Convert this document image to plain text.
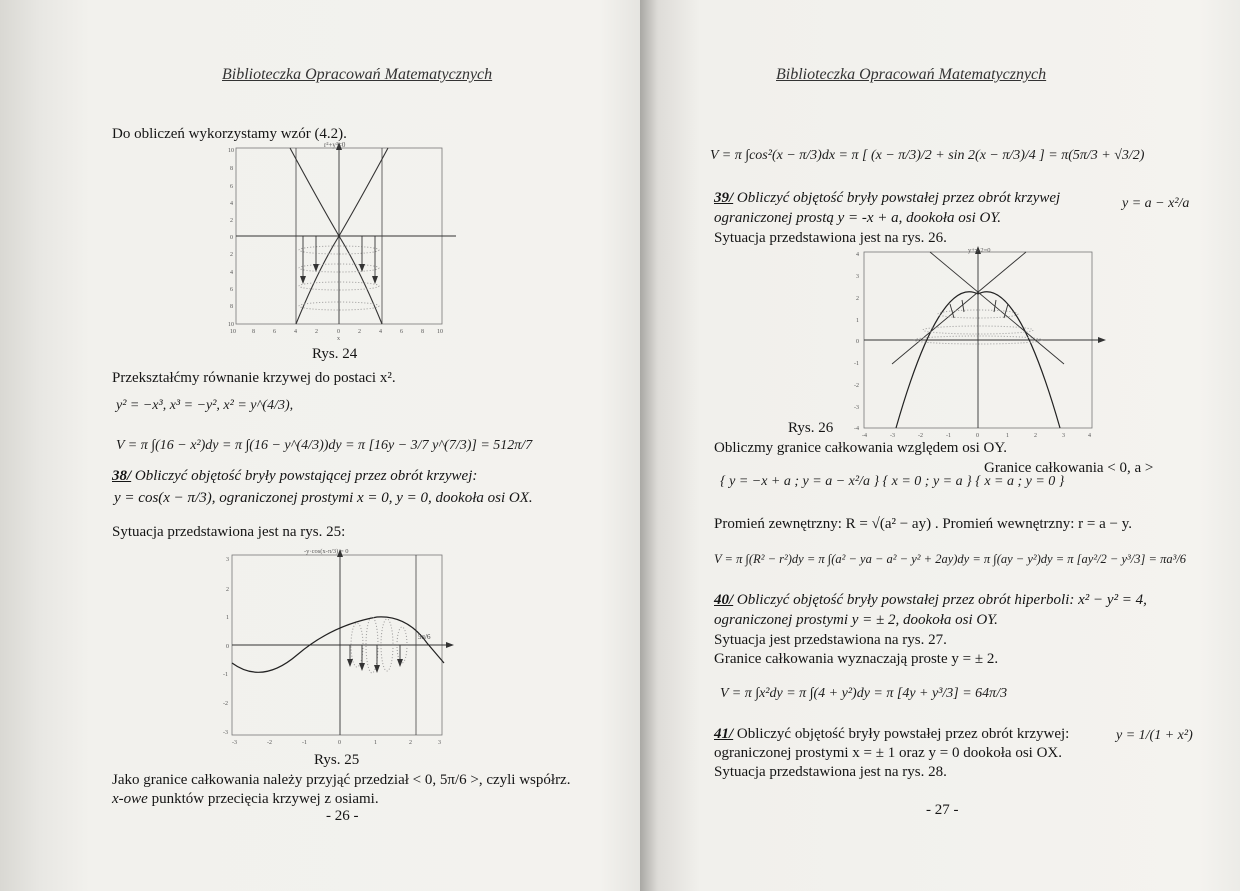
Biblioteczka Opracowań Matematycznych
Do obliczeń wykorzystamy wzór (4.2).
r²+y³=0
10	8	6	4	2	0	2	4	6	8 10
10
8
6
4
2
0
2
4
6
8
10
x
Rys. 24
Przekształćmy równanie krzywej do postaci x².
y² = −x³, x³ = −y², x² = y^(4/3),
V = π ∫(16 − x²)dy = π ∫(16 − y^(4/3))dy = π [16y − 3/7 y^(7/3)] = 512π/7
38/ Obliczyć objętość bryły powstającej przez obrót krzywej:
y = cos(x − π/3), ograniczonej prostymi x = 0, y = 0, dookoła osi OX.
Sytuacja przedstawiona jest na rys. 25:
-y·cos(x-π/3) = 0
5π/6
-3	-2	-1	0	1	2	3
3
2
1
0
-1
-2
-3
Rys. 25
Jako granice całkowania należy przyjąć przedział < 0, 5π/6 >, czyli współrz.
x-owe punktów przecięcia krzywej z osiami.
- 26 -
Biblioteczka Opracowań Matematycznych
V = π ∫cos²(x − π/3)dx = π [ (x − π/3)/2 + sin 2(x − π/3)/4 ] = π(5π/3 + √3/2)
39/ Obliczyć objętość bryły powstałej przez obrót krzywej	y = a − x²/a
ograniczonej prostą y = -x + a, dookoła osi OY.
Sytuacja przedstawiona jest na rys. 26.
y+x-2=0
-4	-3	-2	-1	0	1	2	3	4
4
3
2
1
0
-1
-2
-3
-4
Rys. 26
Obliczmy granice całkowania względem osi OY.
{ y = −x + a ; y = a − x²/a } { x = 0 ; y = a } { x = a ; y = 0 }
Granice całkowania < 0, a >
Promień zewnętrzny: R = √(a² − ay) . Promień wewnętrzny: r = a − y.
V = π ∫(R² − r²)dy = π ∫(a² − ya − a² − y² + 2ay)dy = π ∫(ay − y²)dy = π [ay²/2 − y³/3] = πa³/6
40/ Obliczyć objętość bryły powstałej przez obrót hiperboli: x² − y² = 4,
ograniczonej prostymi y = ± 2, dookoła osi OY.
Sytuacja jest przedstawiona na rys. 27.
Granice całkowania wyznaczają proste y = ± 2.
V = π ∫x²dy = π ∫(4 + y²)dy = π [4y + y³/3] = 64π/3
41/ Obliczyć objętość bryły powstałej przez obrót krzywej:	y = 1/(1 + x²)
ograniczonej prostymi x = ± 1 oraz y = 0 dookoła osi OX.
Sytuacja przedstawiona jest na rys. 28.
- 27 -
